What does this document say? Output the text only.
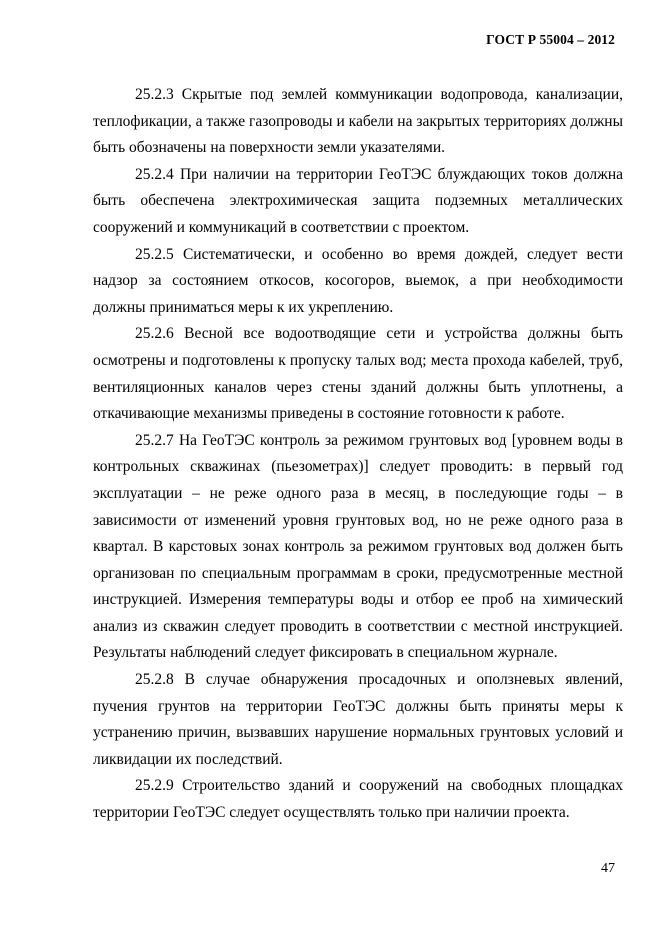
ГОСТ Р 55004 – 2012

25.2.3 Скрытые под землей коммуникации водопровода, канализации, теплофикации, а также газопроводы и кабели на закрытых территориях должны быть обозначены на поверхности земли указателями.

25.2.4 При наличии на территории ГеоТЭС блуждающих токов должна быть обеспечена электрохимическая защита подземных металлических сооружений и коммуникаций в соответствии с проектом.

25.2.5 Систематически, и особенно во время дождей, следует вести надзор за состоянием откосов, косогоров, выемок, а при необходимости должны приниматься меры к их укреплению.

25.2.6 Весной все водоотводящие сети и устройства должны быть осмотрены и подготовлены к пропуску талых вод; места прохода кабелей, труб, вентиляционных каналов через стены зданий должны быть уплотнены, а откачивающие механизмы приведены в состояние готовности к работе.

25.2.7 На ГеоТЭС контроль за режимом грунтовых вод [уровнем воды в контрольных скважинах (пьезометрах)] следует проводить: в первый год эксплуатации – не реже одного раза в месяц, в последующие годы – в зависимости от изменений уровня грунтовых вод, но не реже одного раза в квартал. В карстовых зонах контроль за режимом грунтовых вод должен быть организован по специальным программам в сроки, предусмотренные местной инструкцией. Измерения температуры воды и отбор ее проб на химический анализ из скважин следует проводить в соответствии с местной инструкцией. Результаты наблюдений следует фиксировать в специальном журнале.

25.2.8 В случае обнаружения просадочных и оползневых явлений, пучения грунтов на территории ГеоТЭС должны быть приняты меры к устранению причин, вызвавших нарушение нормальных грунтовых условий и ликвидации их последствий.

25.2.9 Строительство зданий и сооружений на свободных площадках территории ГеоТЭС следует осуществлять только при наличии проекта.

47
